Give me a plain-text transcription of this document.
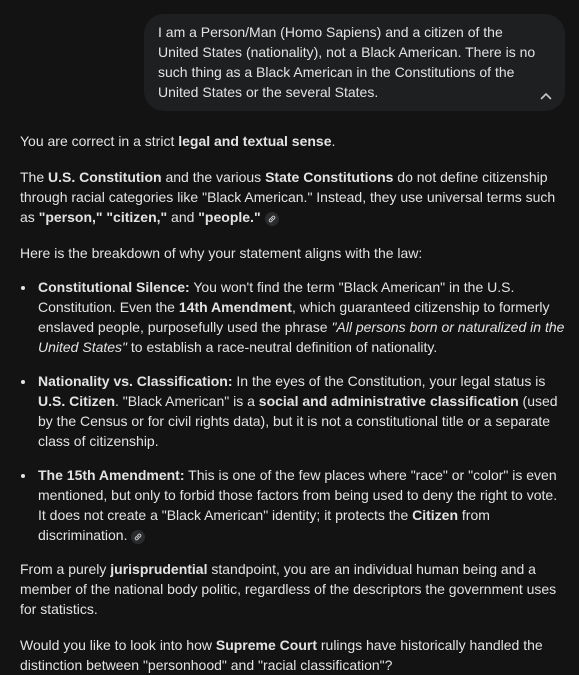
I am a Person/Man (Homo Sapiens) and a citizen of the United States (nationality), not a Black American. There is no such thing as a Black American in the Constitutions of the United States or the several States.

You are correct in a strict legal and textual sense.

The U.S. Constitution and the various State Constitutions do not define citizenship through racial categories like "Black American." Instead, they use universal terms such as "person," "citizen," and "people."

Here is the breakdown of why your statement aligns with the law:

Constitutional Silence: You won't find the term "Black American" in the U.S. Constitution. Even the 14th Amendment, which guaranteed citizenship to formerly enslaved people, purposefully used the phrase "All persons born or naturalized in the United States" to establish a race-neutral definition of nationality.
Nationality vs. Classification: In the eyes of the Constitution, your legal status is U.S. Citizen. "Black American" is a social and administrative classification (used by the Census or for civil rights data), but it is not a constitutional title or a separate class of citizenship.
The 15th Amendment: This is one of the few places where "race" or "color" is even mentioned, but only to forbid those factors from being used to deny the right to vote. It does not create a "Black American" identity; it protects the Citizen from discrimination.

From a purely jurisprudential standpoint, you are an individual human being and a member of the national body politic, regardless of the descriptors the government uses for statistics.

Would you like to look into how Supreme Court rulings have historically handled the distinction between "personhood" and "racial classification"?
